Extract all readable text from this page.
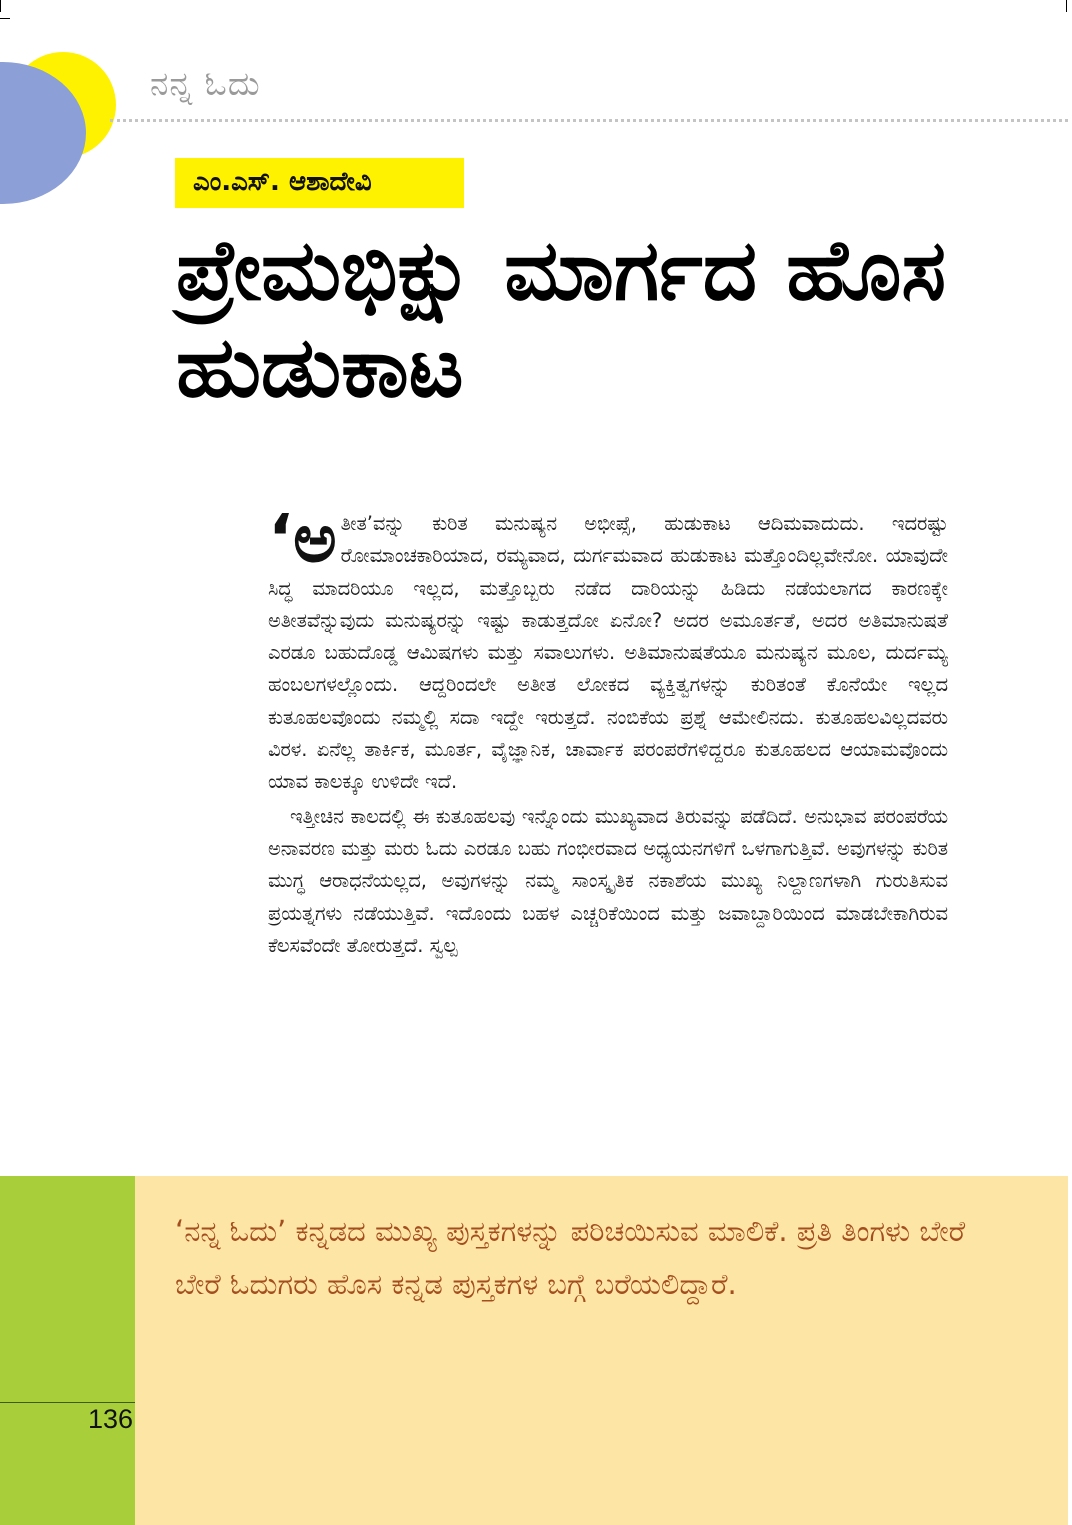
ನನ್ನ ಓದು
ಎಂ.ಎಸ್. ಆಶಾದೇವಿ
ಪ್ರೇಮಭಿಕ್ಷು ಮಾರ್ಗದ ಹೊಸ ಹುಡುಕಾಟ

‘ಅತೀತ’ವನ್ನು ಕುರಿತ ಮನುಷ್ಯನ ಅಭೀಪ್ಸೆ, ಹುಡುಕಾಟ ಆದಿಮವಾದುದು. ಇದರಷ್ಟು ರೋಮಾಂಚಕಾರಿಯಾದ, ರಮ್ಯವಾದ, ದುರ್ಗಮವಾದ ಹುಡುಕಾಟ ಮತ್ತೊಂದಿಲ್ಲವೇನೋ. ಯಾವುದೇ ಸಿದ್ಧ ಮಾದರಿಯೂ ಇಲ್ಲದ, ಮತ್ತೊಬ್ಬರು ನಡೆದ ದಾರಿಯನ್ನು ಹಿಡಿದು ನಡೆಯಲಾಗದ ಕಾರಣಕ್ಕೇ ಅತೀತವೆನ್ನುವುದು ಮನುಷ್ಯರನ್ನು ಇಷ್ಟು ಕಾಡುತ್ತದೋ ಏನೋ? ಅದರ ಅಮೂರ್ತತೆ, ಅದರ ಅತಿಮಾನುಷತೆ ಎರಡೂ ಬಹುದೊಡ್ಡ ಆಮಿಷಗಳು ಮತ್ತು ಸವಾಲುಗಳು. ಅತಿಮಾನುಷತೆಯೂ ಮನುಷ್ಯನ ಮೂಲ, ದುರ್ದಮ್ಯ ಹಂಬಲಗಳಲ್ಲೊಂದು. ಆದ್ದರಿಂದಲೇ ಅತೀತ ಲೋಕದ ವ್ಯಕ್ತಿತ್ವಗಳನ್ನು ಕುರಿತಂತೆ ಕೊನೆಯೇ ಇಲ್ಲದ ಕುತೂಹಲವೊಂದು ನಮ್ಮಲ್ಲಿ ಸದಾ ಇದ್ದೇ ಇರುತ್ತದೆ. ನಂಬಿಕೆಯ ಪ್ರಶ್ನೆ ಆಮೇಲಿನದು. ಕುತೂಹಲವಿಲ್ಲದವರು ವಿರಳ. ಏನೆಲ್ಲ ತಾರ್ಕಿಕ, ಮೂರ್ತ, ವೈಜ್ಞಾನಿಕ, ಚಾರ್ವಾಕ ಪರಂಪರೆಗಳಿದ್ದರೂ ಕುತೂಹಲದ ಆಯಾಮವೊಂದು ಯಾವ ಕಾಲಕ್ಕೂ ಉಳಿದೇ ಇದೆ.

ಇತ್ತೀಚಿನ ಕಾಲದಲ್ಲಿ ಈ ಕುತೂಹಲವು ಇನ್ನೊಂದು ಮುಖ್ಯವಾದ ತಿರುವನ್ನು ಪಡೆದಿದೆ. ಅನುಭಾವ ಪರಂಪರೆಯ ಅನಾವರಣ ಮತ್ತು ಮರು ಓದು ಎರಡೂ ಬಹು ಗಂಭೀರವಾದ ಅಧ್ಯಯನಗಳಿಗೆ ಒಳಗಾಗುತ್ತಿವೆ. ಅವುಗಳನ್ನು ಕುರಿತ ಮುಗ್ಧ ಆರಾಧನೆಯಲ್ಲದ, ಅವುಗಳನ್ನು ನಮ್ಮ ಸಾಂಸ್ಕೃತಿಕ ನಕಾಶೆಯ ಮುಖ್ಯ ನಿಲ್ದಾಣಗಳಾಗಿ ಗುರುತಿಸುವ ಪ್ರಯತ್ನಗಳು ನಡೆಯುತ್ತಿವೆ. ಇದೊಂದು ಬಹಳ ಎಚ್ಚರಿಕೆಯಿಂದ ಮತ್ತು ಜವಾಬ್ದಾರಿಯಿಂದ ಮಾಡಬೇಕಾಗಿರುವ ಕೆಲಸವೆಂದೇ ತೋರುತ್ತದೆ. ಸ್ವಲ್ಪ

136

‘ನನ್ನ ಓದು’ ಕನ್ನಡದ ಮುಖ್ಯ ಪುಸ್ತಕಗಳನ್ನು ಪರಿಚಯಿಸುವ ಮಾಲಿಕೆ. ಪ್ರತಿ ತಿಂಗಳು ಬೇರೆ ಬೇರೆ ಓದುಗರು ಹೊಸ ಕನ್ನಡ ಪುಸ್ತಕಗಳ ಬಗ್ಗೆ ಬರೆಯಲಿದ್ದಾರೆ.
